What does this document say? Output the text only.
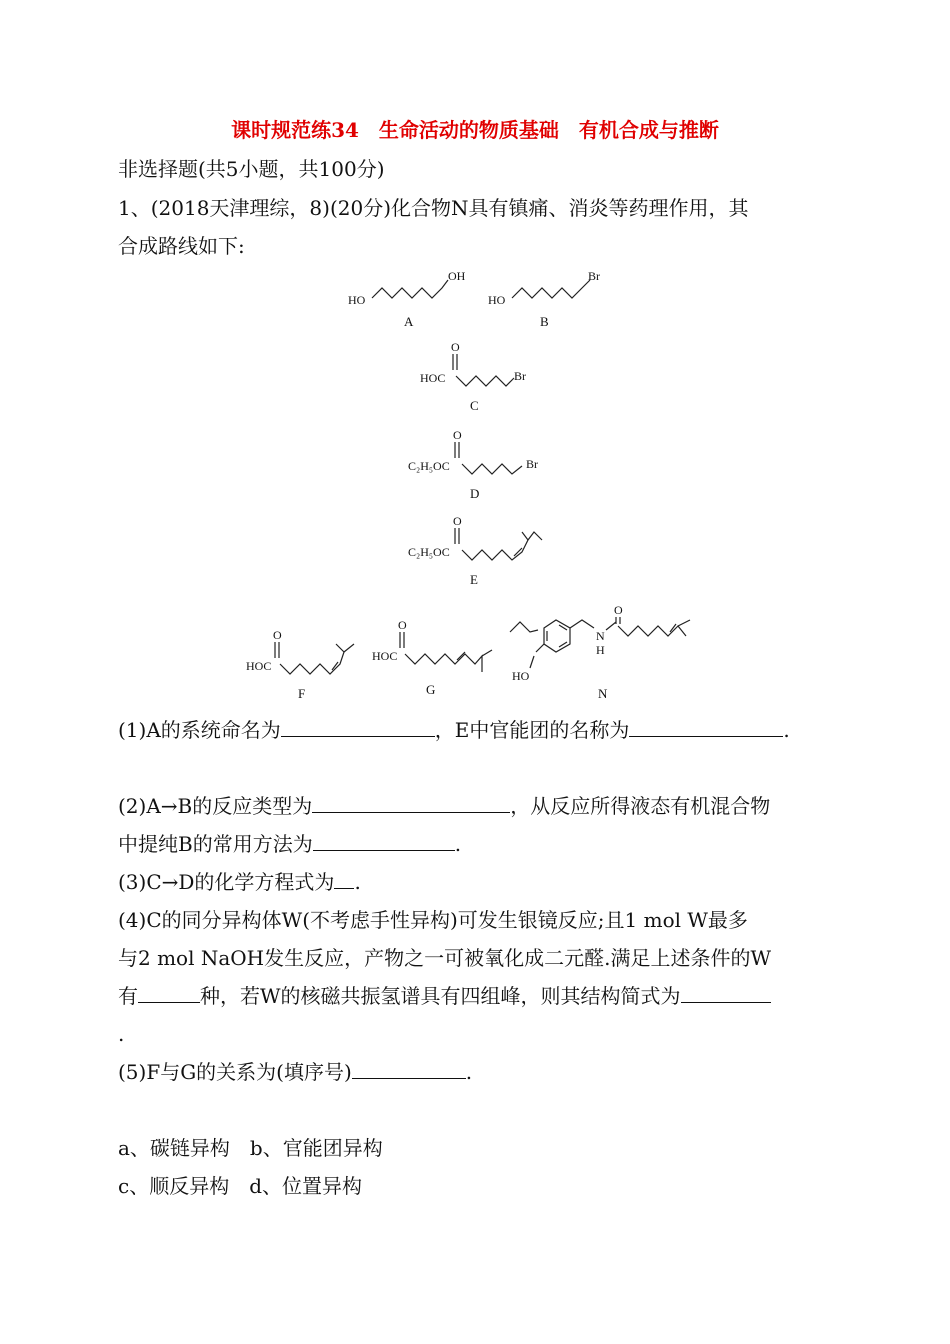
课时规范练34　生命活动的物质基础　有机合成与推断
非选择题(共5小题，共100分)
1、(2018天津理综，8)(20分)化合物N具有镇痛、消炎等药理作用，其
合成路线如下:
HO
OH
A
HO
Br
B
O
HOC	Br
C
O
C₂H₅OC	Br
D
O
C₂H₅OC
E
O
HOC
F
O
HOC
G
HO
N
H
O
N
(1)A的系统命名为	，E中官能团的名称为	.
(2)A→B的反应类型为	，从反应所得液态有机混合物
中提纯B的常用方法为	.
(3)C→D的化学方程式为 .
(4)C的同分异构体W(不考虑手性异构)可发生银镜反应;且1 mol W最多
与2 mol NaOH发生反应，产物之一可被氧化成二元醛.满足上述条件的W
有	种，若W的核磁共振氢谱具有四组峰，则其结构简式为
.
(5)F与G的关系为(填序号)	.
a、碳链异构　b、官能团异构
c、顺反异构　d、位置异构
